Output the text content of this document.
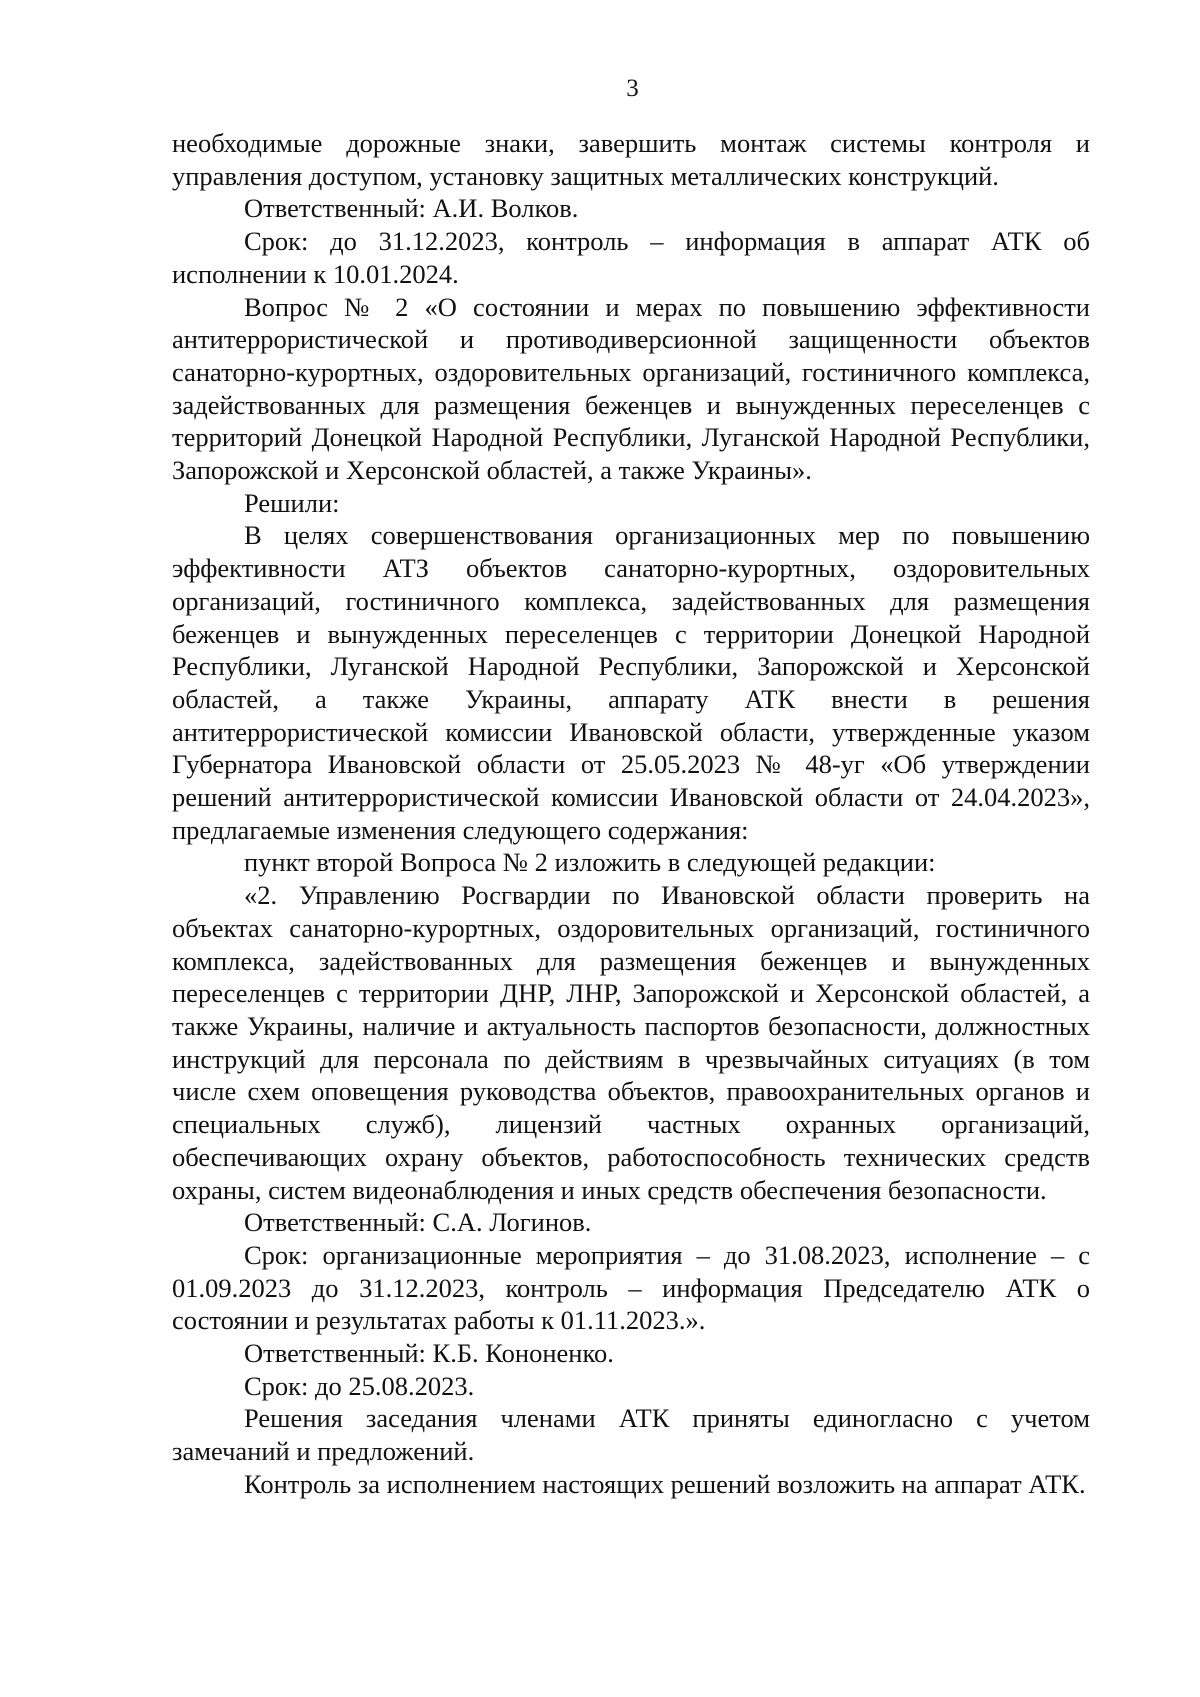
3

необходимые дорожные знаки, завершить монтаж системы контроля и управления доступом, установку защитных металлических конструкций.

Ответственный: А.И. Волков.

Срок: до 31.12.2023, контроль – информация в аппарат АТК об исполнении к 10.01.2024.

Вопрос № 2 «О состоянии и мерах по повышению эффективности антитеррористической и противодиверсионной защищенности объектов санаторно-курортных, оздоровительных организаций, гостиничного комплекса, задействованных для размещения беженцев и вынужденных переселенцев с территорий Донецкой Народной Республики, Луганской Народной Республики, Запорожской и Херсонской областей, а также Украины».

Решили:

В целях совершенствования организационных мер по повышению эффективности АТЗ объектов санаторно-курортных, оздоровительных организаций, гостиничного комплекса, задействованных для размещения беженцев и вынужденных переселенцев с территории Донецкой Народной Республики, Луганской Народной Республики, Запорожской и Херсонской областей, а также Украины, аппарату АТК внести в решения антитеррористической комиссии Ивановской области, утвержденные указом Губернатора Ивановской области от 25.05.2023 № 48-уг «Об утверждении решений антитеррористической комиссии Ивановской области от 24.04.2023», предлагаемые изменения следующего содержания:

пункт второй Вопроса № 2 изложить в следующей редакции:

«2. Управлению Росгвардии по Ивановской области проверить на объектах санаторно-курортных, оздоровительных организаций, гостиничного комплекса, задействованных для размещения беженцев и вынужденных переселенцев с территории ДНР, ЛНР, Запорожской и Херсонской областей, а также Украины, наличие и актуальность паспортов безопасности, должностных инструкций для персонала по действиям в чрезвычайных ситуациях (в том числе схем оповещения руководства объектов, правоохранительных органов и специальных служб), лицензий частных охранных организаций, обеспечивающих охрану объектов, работоспособность технических средств охраны, систем видеонаблюдения и иных средств обеспечения безопасности.

Ответственный: С.А. Логинов.

Срок: организационные мероприятия – до 31.08.2023, исполнение – с 01.09.2023 до 31.12.2023, контроль – информация Председателю АТК о состоянии и результатах работы к 01.11.2023.».

Ответственный: К.Б. Кононенко.

Срок: до 25.08.2023.

Решения заседания членами АТК приняты единогласно с учетом замечаний и предложений.

Контроль за исполнением настоящих решений возложить на аппарат АТК.
